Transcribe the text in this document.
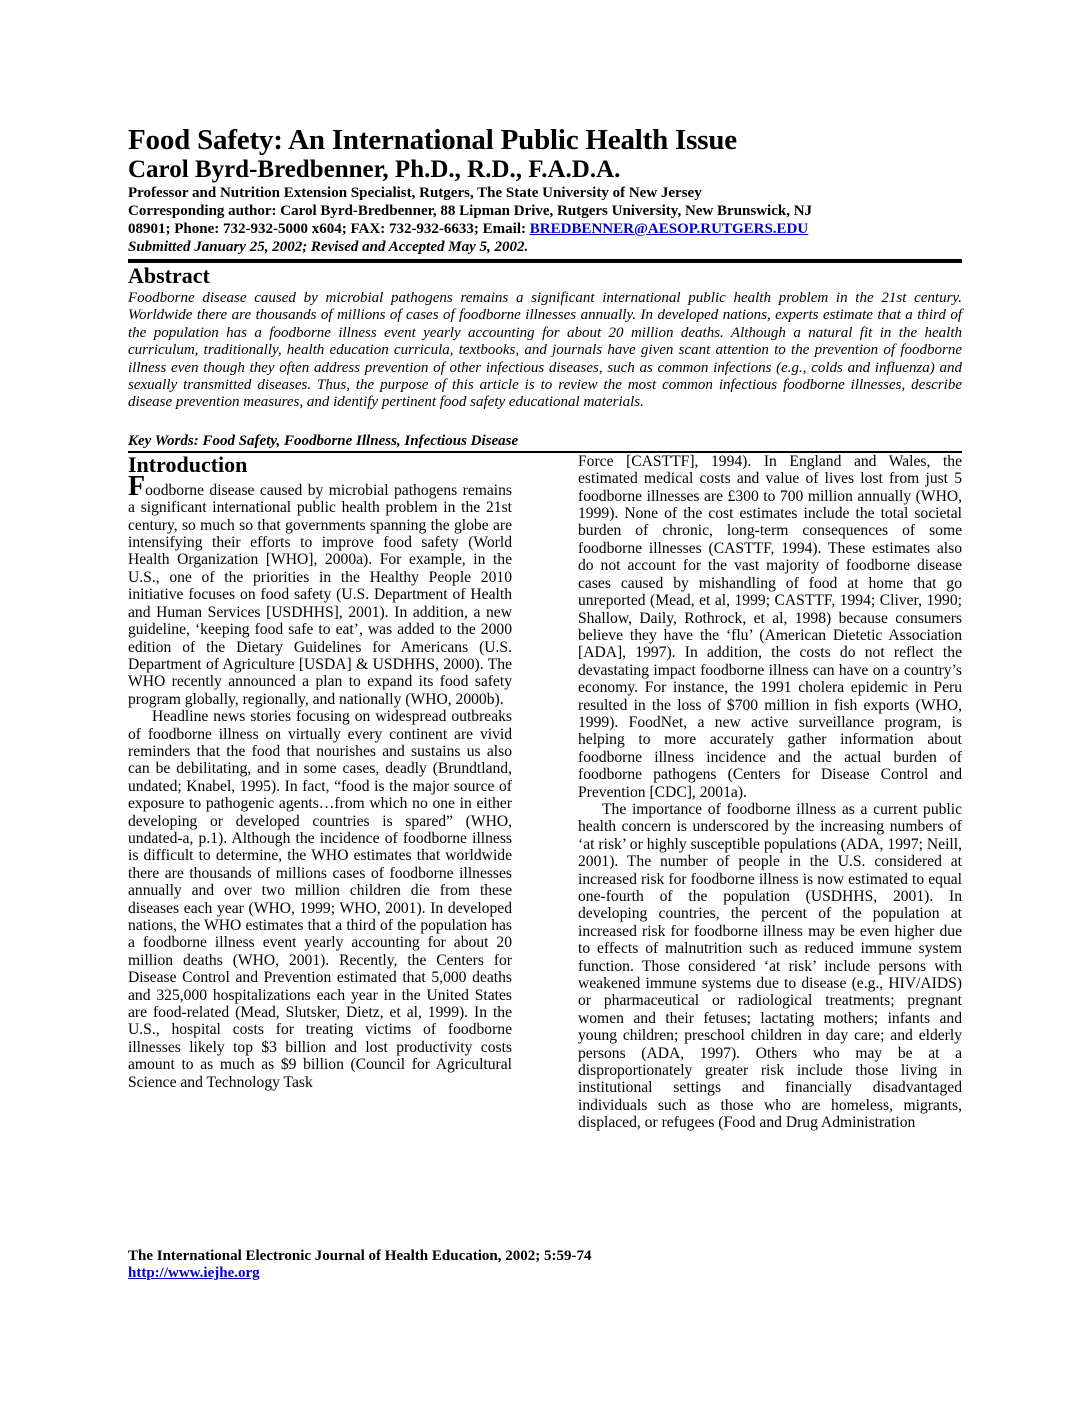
Food Safety: An International Public Health Issue
Carol Byrd-Bredbenner, Ph.D., R.D., F.A.D.A.

Professor and Nutrition Extension Specialist, Rutgers, The State University of New Jersey

Corresponding author: Carol Byrd-Bredbenner, 88 Lipman Drive, Rutgers University, New Brunswick, NJ

08901; Phone: 732-932-5000 x604; FAX: 732-932-6633; Email: BREDBENNER@AESOP.RUTGERS.EDU

Submitted January 25, 2002; Revised and Accepted May 5, 2002.

Abstract

Foodborne disease caused by microbial pathogens remains a significant international public health problem in the 21st century. Worldwide there are thousands of millions of cases of foodborne illnesses annually. In developed nations, experts estimate that a third of the population has a foodborne illness event yearly accounting for about 20 million deaths. Although a natural fit in the health curriculum, traditionally, health education curricula, textbooks, and journals have given scant attention to the prevention of foodborne illness even though they often address prevention of other infectious diseases, such as common infections (e.g., colds and influenza) and sexually transmitted diseases. Thus, the purpose of this article is to review the most common infectious foodborne illnesses, describe disease prevention measures, and identify pertinent food safety educational materials.

Key Words: Food Safety, Foodborne Illness, Infectious Disease
Introduction

Foodborne disease caused by microbial pathogens remains a significant international public health problem in the 21st century, so much so that governments spanning the globe are intensifying their efforts to improve food safety (World Health Organization [WHO], 2000a). For example, in the U.S., one of the priorities in the Healthy People 2010 initiative focuses on food safety (U.S. Department of Health and Human Services [USDHHS], 2001). In addition, a new guideline, ‘keeping food safe to eat’, was added to the 2000 edition of the Dietary Guidelines for Americans (U.S. Department of Agriculture [USDA] & USDHHS, 2000). The WHO recently announced a plan to expand its food safety program globally, regionally, and nationally (WHO, 2000b).

Headline news stories focusing on widespread outbreaks of foodborne illness on virtually every continent are vivid reminders that the food that nourishes and sustains us also can be debilitating, and in some cases, deadly (Brundtland, undated; Knabel, 1995). In fact, “food is the major source of exposure to pathogenic agents…from which no one in either developing or developed countries is spared” (WHO, undated-a, p.1). Although the incidence of foodborne illness is difficult to determine, the WHO estimates that worldwide there are thousands of millions cases of foodborne illnesses annually and over two million children die from these diseases each year (WHO, 1999; WHO, 2001). In developed nations, the WHO estimates that a third of the population has a foodborne illness event yearly accounting for about 20 million deaths (WHO, 2001). Recently, the Centers for Disease Control and Prevention estimated that 5,000 deaths and 325,000 hospitalizations each year in the United States are food-related (Mead, Slutsker, Dietz, et al, 1999). In the U.S., hospital costs for treating victims of foodborne illnesses likely top $3 billion and lost productivity costs amount to as much as $9 billion (Council for Agricultural Science and Technology Task

Force [CASTTF], 1994). In England and Wales, the estimated medical costs and value of lives lost from just 5 foodborne illnesses are £300 to 700 million annually (WHO, 1999). None of the cost estimates include the total societal burden of chronic, long-term consequences of some foodborne illnesses (CASTTF, 1994). These estimates also do not account for the vast majority of foodborne disease cases caused by mishandling of food at home that go unreported (Mead, et al, 1999; CASTTF, 1994; Cliver, 1990; Shallow, Daily, Rothrock, et al, 1998) because consumers believe they have the ‘flu’ (American Dietetic Association [ADA], 1997). In addition, the costs do not reflect the devastating impact foodborne illness can have on a country’s economy. For instance, the 1991 cholera epidemic in Peru resulted in the loss of $700 million in fish exports (WHO, 1999). FoodNet, a new active surveillance program, is helping to more accurately gather information about foodborne illness incidence and the actual burden of foodborne pathogens (Centers for Disease Control and Prevention [CDC], 2001a).

The importance of foodborne illness as a current public health concern is underscored by the increasing numbers of ‘at risk’ or highly susceptible populations (ADA, 1997; Neill, 2001). The number of people in the U.S. considered at increased risk for foodborne illness is now estimated to equal one-fourth of the population (USDHHS, 2001). In developing countries, the percent of the population at increased risk for foodborne illness may be even higher due to effects of malnutrition such as reduced immune system function. Those considered ‘at risk’ include persons with weakened immune systems due to disease (e.g., HIV/AIDS) or pharmaceutical or radiological treatments; pregnant women and their fetuses; lactating mothers; infants and young children; preschool children in day care; and elderly persons (ADA, 1997). Others who may be at a disproportionately greater risk include those living in institutional settings and financially disadvantaged individuals such as those who are homeless, migrants, displaced, or refugees (Food and Drug Administration

The International Electronic Journal of Health Education, 2002; 5:59-74
http://www.iejhe.org
